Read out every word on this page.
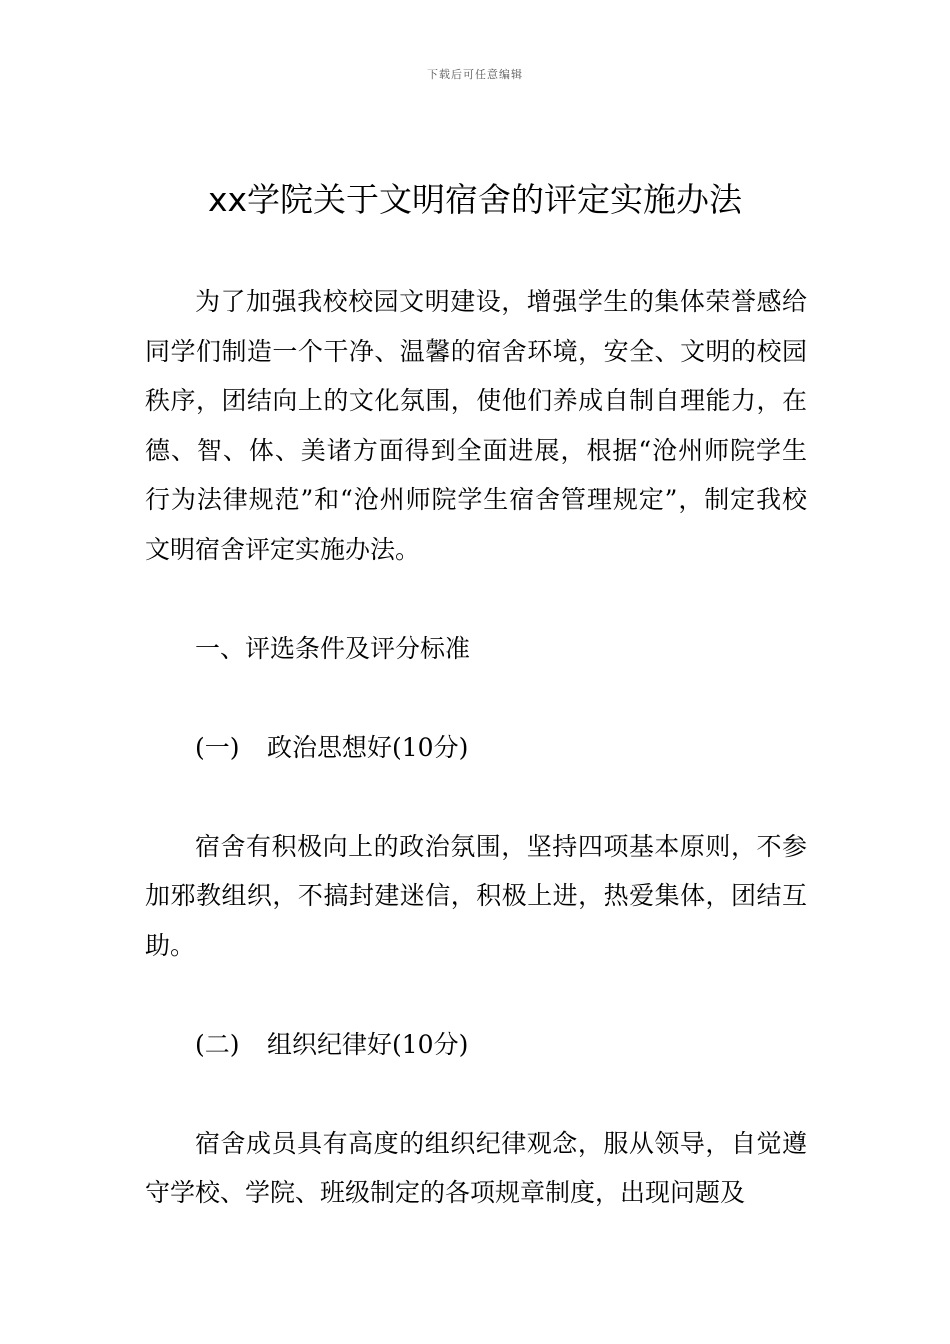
下载后可任意编辑
xx学院关于文明宿舍的评定实施办法

为了加强我校校园文明建设，增强学生的集体荣誉感给同学们制造一个干净、温馨的宿舍环境，安全、文明的校园秩序，团结向上的文化氛围，使他们养成自制自理能力，在德、智、体、美诸方面得到全面进展，根据“沧州师院学生行为法律规范”和“沧州师院学生宿舍管理规定”，制定我校文明宿舍评定实施办法。

一、评选条件及评分标准

(一) 政治思想好(10分)

宿舍有积极向上的政治氛围，坚持四项基本原则，不参加邪教组织，不搞封建迷信，积极上进，热爱集体，团结互助。

(二) 组织纪律好(10分)

宿舍成员具有高度的组织纪律观念，服从领导，自觉遵守学校、学院、班级制定的各项规章制度，出现问题及
